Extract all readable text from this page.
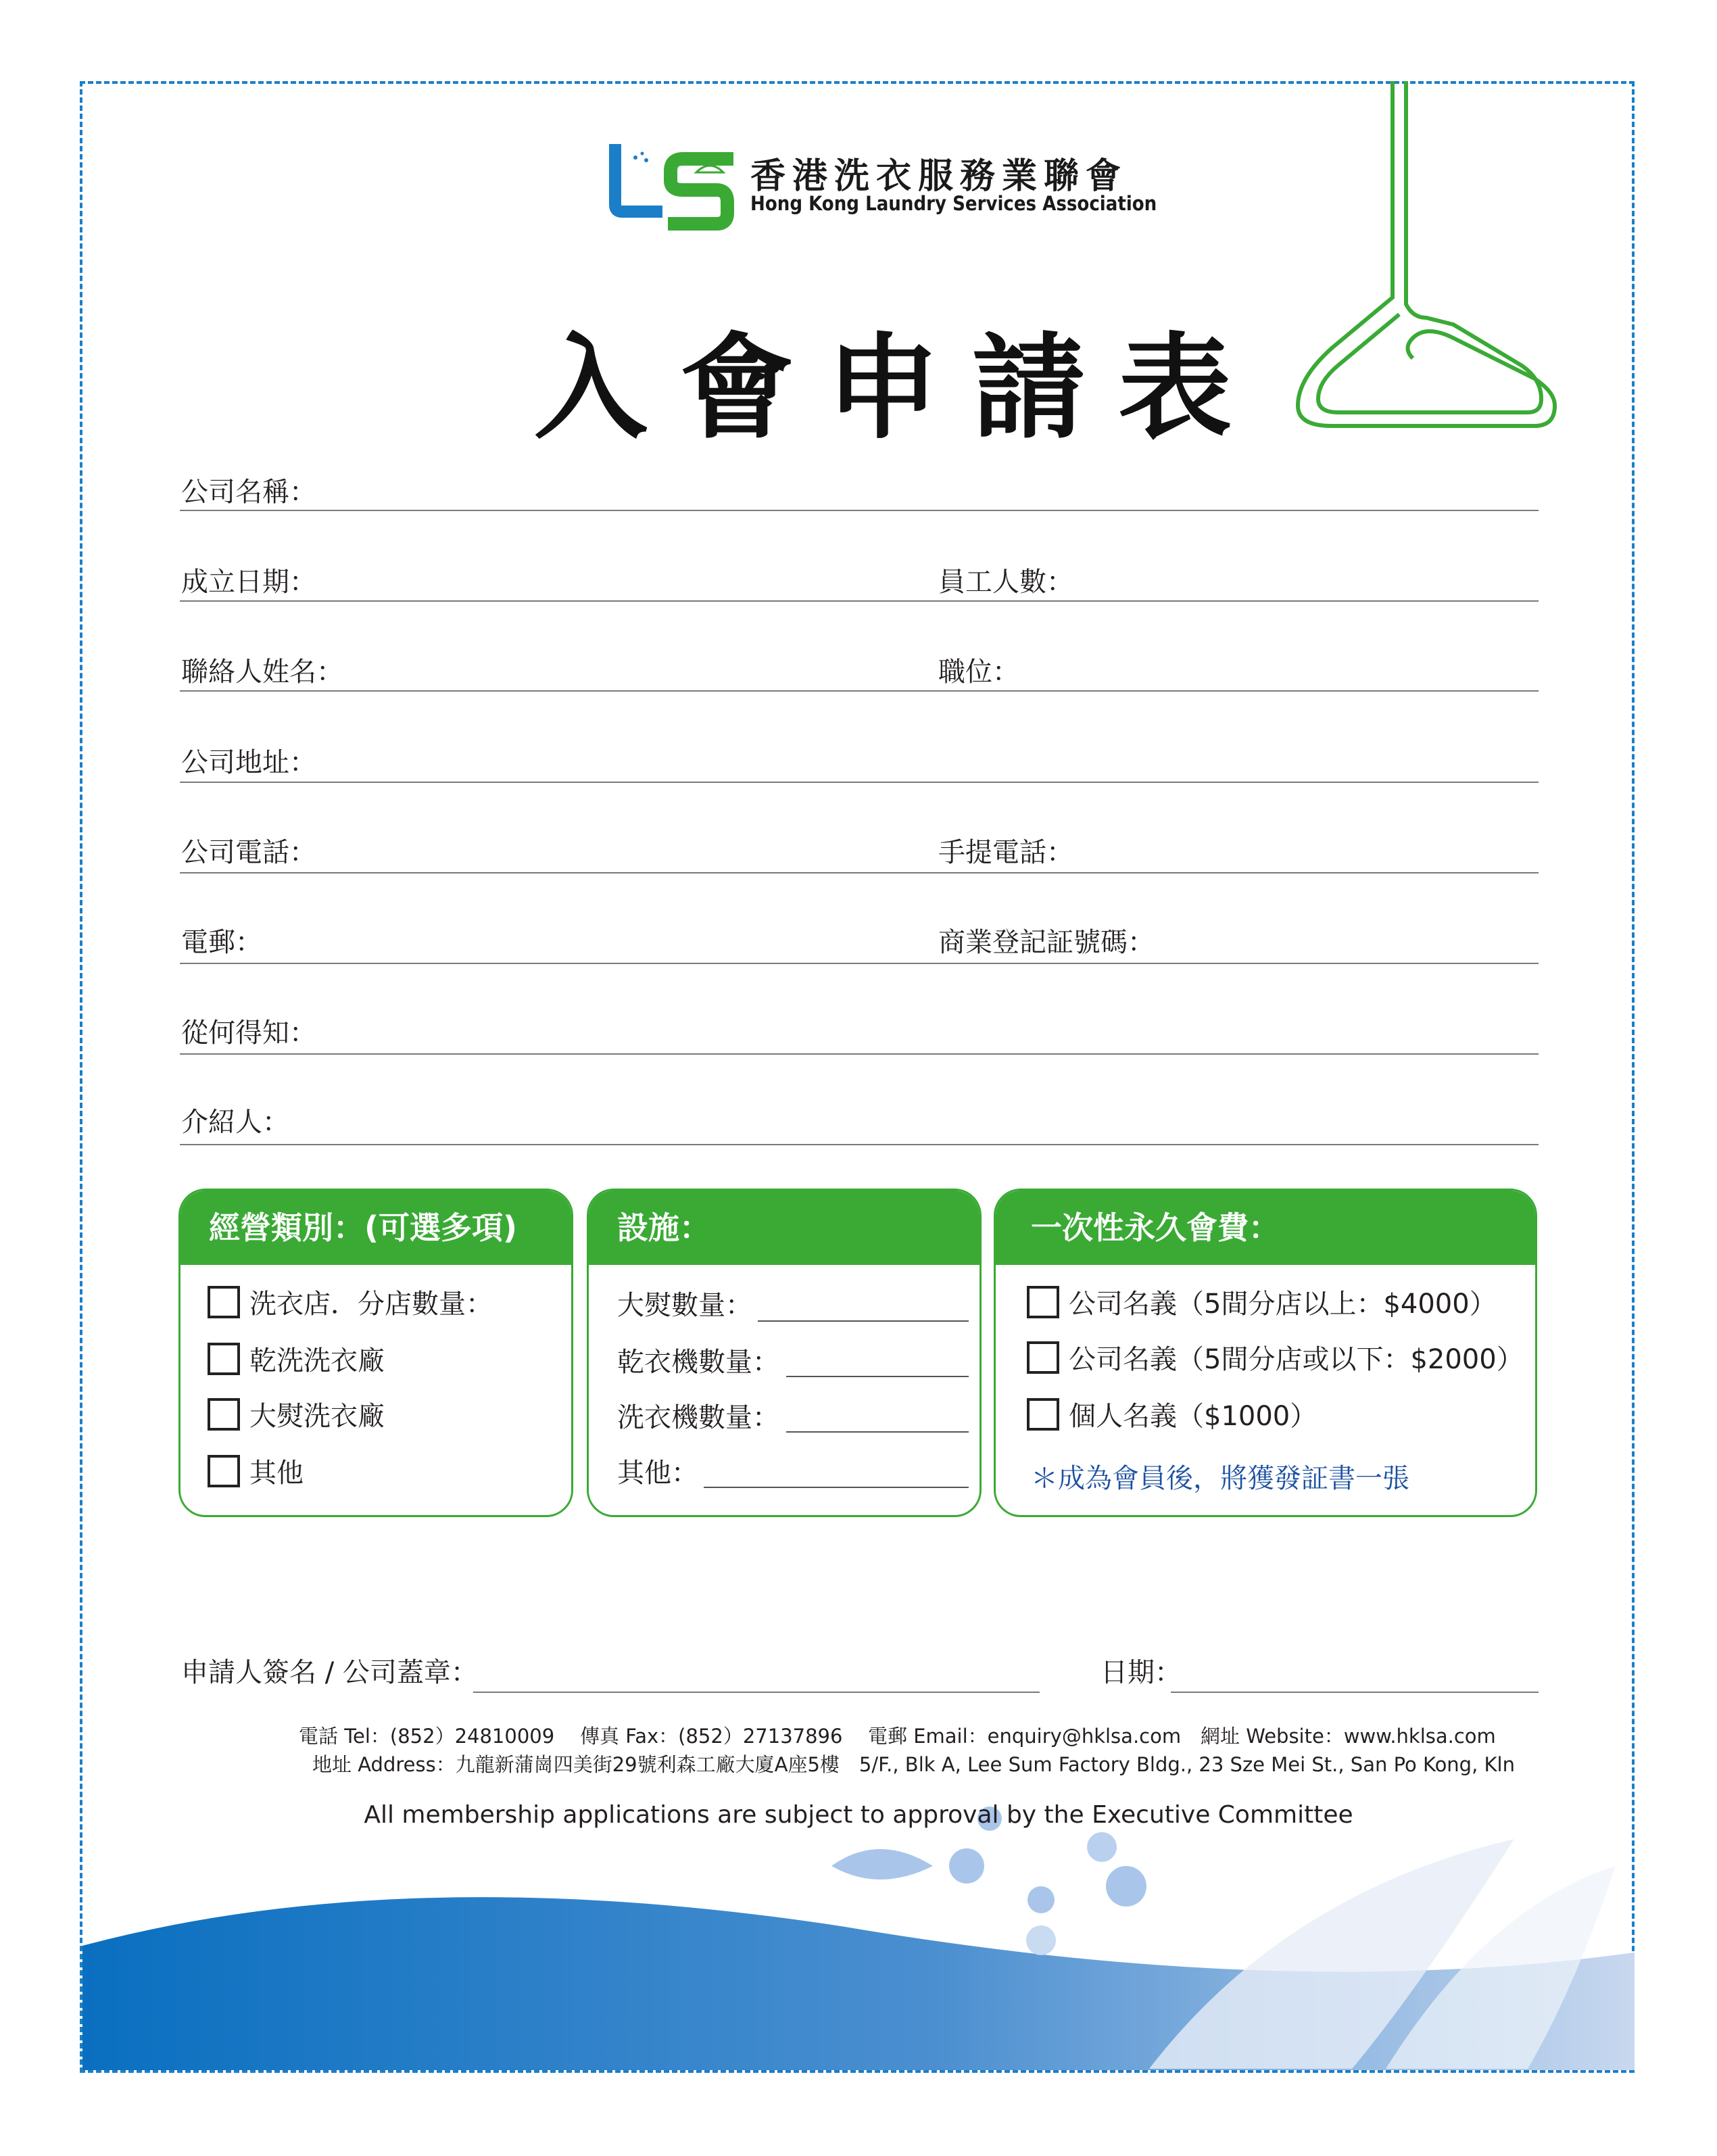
香港洗衣服務業聯會
Hong Kong Laundry Services Association
入會申請表
公司名稱：
成立日期：	員工人數：
聯絡人姓名：	職位：
公司地址：
公司電話：	手提電話：
電郵：	商業登記証號碼：
從何得知：
介紹人：
經營類別：(可選多項)
洗衣店．分店數量：
乾洗洗衣廠
大熨洗衣廠
其他
設施：
大熨數量：
乾衣機數量：
洗衣機數量：
其他：
一次性永久會費：
公司名義（5間分店以上：$4000）
公司名義（5間分店或以下：$2000）
個人名義（$1000）
＊成為會員後，將獲發証書一張
申請人簽名 / 公司蓋章：	日期：
電話 Tel：(852）24810009 傳真 Fax：(852）27137896 電郵 Email：enquiry@hklsa.com 網址 Website：www.hklsa.com
地址 Address：九龍新蒲崗四美街29號利森工廠大廈A座5樓　5/F., Blk A, Lee Sum Factory Bldg., 23 Sze Mei St., San Po Kong, Kln
All membership applications are subject to approval by the Executive Committee
